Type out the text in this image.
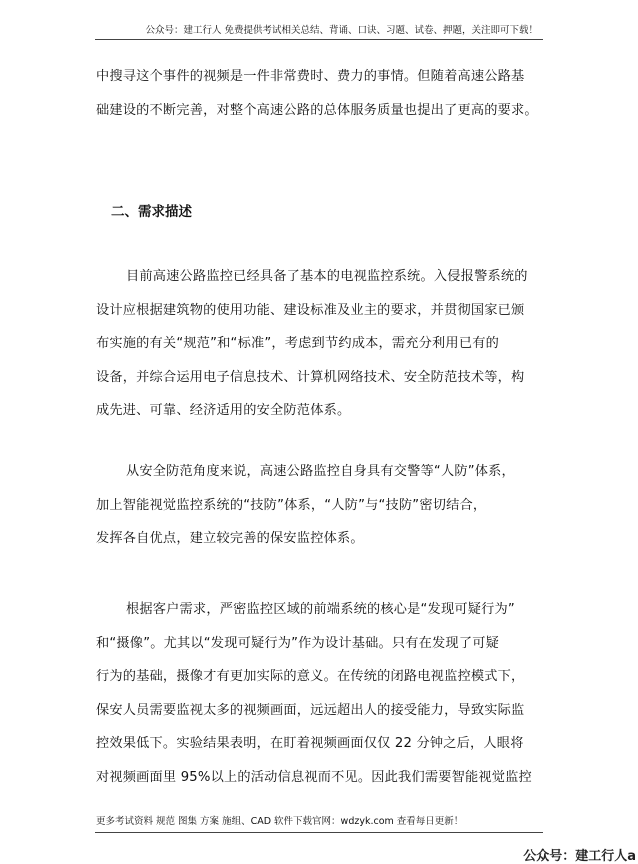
公众号：建工行人 免费提供考试相关总结、背诵、口诀、习题、试卷、押题，关注即可下载！
中搜寻这个事件的视频是一件非常费时、费力的事情。但随着高速公路基
础建设的不断完善，对整个高速公路的总体服务质量也提出了更高的要求。
二、需求描述
目前高速公路监控已经具备了基本的电视监控系统。入侵报警系统的
设计应根据建筑物的使用功能、建设标准及业主的要求，并贯彻国家已颁
布实施的有关“规范”和“标准”，考虑到节约成本，需充分利用已有的
设备，并综合运用电子信息技术、计算机网络技术、安全防范技术等，构
成先进、可靠、经济适用的安全防范体系。
从安全防范角度来说，高速公路监控自身具有交警等“人防”体系，
加上智能视觉监控系统的“技防”体系，“人防”与“技防”密切结合，
发挥各自优点，建立较完善的保安监控体系。
根据客户需求，严密监控区域的前端系统的核心是“发现可疑行为”
和“摄像”。尤其以“发现可疑行为”作为设计基础。只有在发现了可疑
行为的基础，摄像才有更加实际的意义。在传统的闭路电视监控模式下，
保安人员需要监视太多的视频画面，远远超出人的接受能力，导致实际监
控效果低下。实验结果表明，在盯着视频画面仅仅 22 分钟之后，人眼将
对视频画面里 95%以上的活动信息视而不见。因此我们需要智能视觉监控
更多考试资料 规范 图集 方案 施组、CAD 软件下载官网：wdzyk.com 查看每日更新！
公众号：建工行人a
